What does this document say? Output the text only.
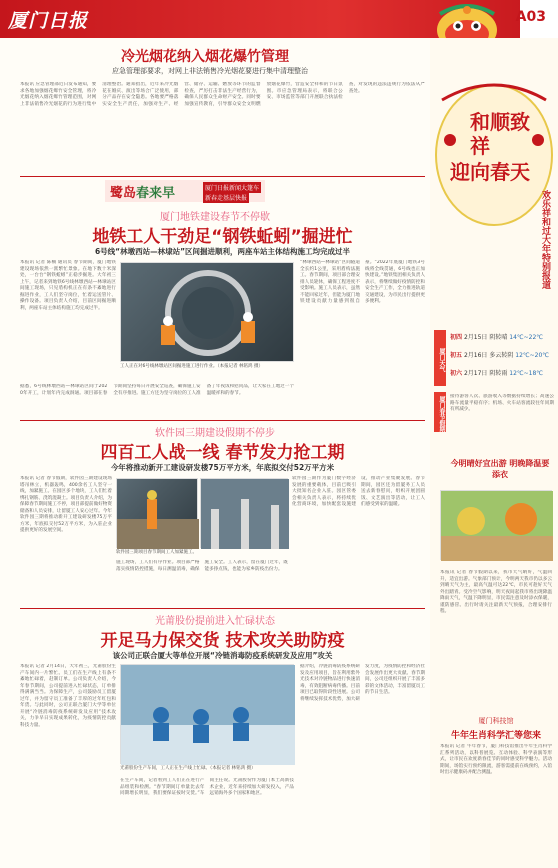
厦门日报	A03
冷光烟花纳入烟花爆竹管理
应急管理部要求，对网上非法销售冷光烟花要进行集中清理整治
本报讯 应急管理部近日发布通知，要求各地加强烟花爆竹安全管理，将冷光烟花纳入烟花爆竹管理范围，对网上非法销售冷光烟花的行为进行集中清理整治。通知指出，近年来冷光烟花在婚庆、演出等场合广泛使用，部分产品存在安全隐患。各地要严格落实安全生产责任，加强对生产、经营、储存、运输、燃放等环节的监督检查，严厉打击非法生产经营行为，确保人民群众生命财产安全。同时要加强宣传教育，引导群众安全文明燃放烟花爆竹，营造安全祥和的节日氛围。市应急管理局表示，将联合公安、市场监管等部门开展联合执法检查，对发现的违法违规行为依法从严查处。
鹭岛春来早	厦门日报新闻大篷车
新春走基层快报
厦门地铁建设春节不停歇
地铁工人干劲足“钢铁蚯蚓”掘进忙
6号线“林墩西站—林埭站”区间掘进顺利，两座车站主体结构施工均完成过半
本报讯 记者 陈楠 通讯员 春节期间，厦门地铁建设现场依然一派繁忙景象。在地下数十米深处，一台台“钢铁蚯蚓”正稳步掘进。大年初三上午，记者来到地铁6号线林墩西站—林埭站区间施工现场，只见盾构机正在有条不紊地进行掘进作业，工人们坚守岗位，忙着运送管片、操作设备。项目负责人介绍，目前区间掘进顺利，两座车站主体结构施工均完成过半。
工人正在对6号线林墩站区间掘进施工进行作业。（本报记者 林铭鸿 摄）
“林埭西站—林埭站”区间隧道全长约1公里，采用盾构法施工。春节期间，项目部合理安排人员轮休，确保工程进度不受影响。施工人员表示，虽然不能回家过年，但能为厦门地铁建设贡献力量感到很自豪。“2022年底厦门地铁3号线将全线贯通，6号线也正加快建设。”地铁集团相关负责人表示，将继续做好疫情防控和安全生产工作，全力推进轨道交通建设，为市民出行提供更多便利。
据悉，6号线林墩西站—林埭站区间于2020年开工，计划年内完成洞通。项目部在春节期间坚持每日开展安全巡查，确保施工安全有序推进。施工方还为坚守岗位的工人准备了年夜饭和慰问品，让大家在工地过一个温暖祥和的春节。
软件园三期建设假期不停步
四百工人战一线 春节发力抢工期
今年将推动新开工建设研发楼75万平方米，年底拟交付52万平方米
本报讯 记者 春节假期，软件园三期建设现场塔吊林立，机器轰鸣，400余名工人坚守一线，加紧施工。在园区多个地块，工人们忙着绑扎钢筋、浇筑混凝土。项目负责人介绍，为保障春节期间施工不停，项目部提前做好物资储备和人员安排，让留厦工人安心过年。今年软件园三期将推动新开工建设研发楼75万平方米，年底拟交付52万平方米，为入驻企业提供更好的发展空间。
软件园三期项目春节期间工人加紧施工。
软件园三期作为厦门数字经济发展的重要载体，目前已吸引大批知名企业入驻。园区管委会相关负责人表示，将持续优化营商环境，加快配套设施建设，推动产业集聚发展。春节期间，园区还为留厦务工人员送去新春慰问，组织开展团圆饭、文艺演出等活动，让工人们感受到家的温暖。
施工现场，工人们有序作业。项目部严格落实疫情防控措施，每日测温消毒，确保施工安全。工人表示，留在厦门过年，既能多挣点钱，也能为家乡防疫出份力。
光莆股份提前进入忙碌状态
开足马力保交货 技术攻关助防疫
该公司正联合厦大等单位开展“冷链消毒防疫系统研发及应用”攻关
本报讯 记者 2月14日，大年初三，光莆股份生产车间内一片繁忙。员工们在生产线上有条不紊地忙碌着，赶制订单。公司负责人介绍，今年春节期间，公司提前进入忙碌状态，订单排得满满当当。为保障生产，公司鼓励员工留厦过年，并为留守员工准备了丰厚的过年红包和年货。与此同时，公司正联合厦门大学等单位开展“冷链消毒防疫系统研发及应用”技术攻关，力争早日实现成果转化，为疫情防控贡献科技力量。
光莆股份生产车间，工人正在生产线上忙碌。（本报记者 林铭鸿 摄）
在生产车间，记者看到工人们正在进行产品组装和检测。“春节期间订单量比去年同期增长明显，我们要保证按时交货。”车间主任说。光莆股份作为厦门本土高新技术企业，近年来持续加大研发投入，产品远销海外多个国家和地区。
据介绍，冷链消毒防疫系统研发及应用项目，旨在利用紫外光技术对冷链物品进行快速消毒，有效阻断病毒传播。目前项目已取得阶段性进展。公司将继续发挥技术优势，加大研发力度，为疫情防控和经济社会发展作出更大贡献。春节期间，公司还组织开展了丰富多彩的文体活动，丰富留厦员工的节日生活。
和顺致祥
迎向春天
欢乐祥和过大年特别报道
厦门天气
初四 2月15日 阴转晴 14℃~22℃
初五 2月16日 多云转阴 12℃~20℃
初六 2月17日 阴转雨 12℃~18℃
厦门春节假期 接待游客人次、旅游收入等数据持续增长；高速公路车流量平稳有序；机场、火车站客流较往年同期有所减少。
今明晴好宜出游 明晚降温要添衣
本报讯 记者 春节假期以来，我市天气晴好，气温回升，适宜出游。气象部门预计，今明两天我市仍以多云到晴天气为主，最高气温可达22℃，市民可趁好天气外出踏青。受冷空气影响，明天夜间起我市将出现降温降雨天气，气温下降明显，市民需注意及时添衣保暖，谨防感冒。出行时请关注最新天气预报，合理安排行程。
厦门科技馆
牛年生肖科学汇等您来
本报讯 记者 牛年春节，厦门科技馆推出牛年生肖科学汇系列活动，以科普展览、互动体验、科学表演等形式，让市民在欢度新春佳节的同时感受科学魅力。活动期间，场馆实行预约限流，游客需提前在线预约，入馆时出示健康码并配合测温。
